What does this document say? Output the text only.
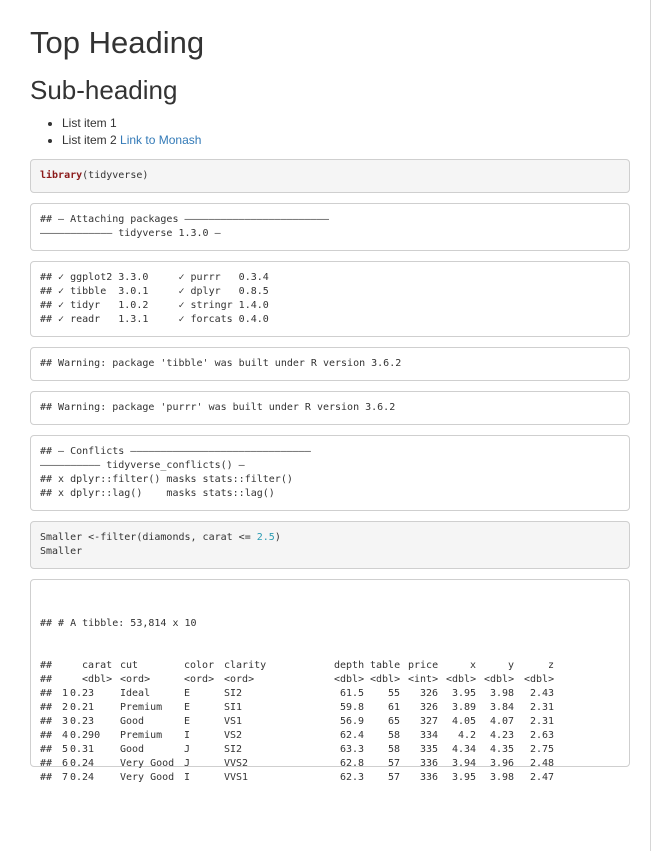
Top Heading
Sub-heading
• List item 1
• List item 2 Link to Monash
library(tidyverse)
## — Attaching packages ————————————————————————
———————————— tidyverse 1.3.0 —
## ✓ ggplot2 3.3.0     ✓ purrr   0.3.4
## ✓ tibble  3.0.1     ✓ dplyr   0.8.5
## ✓ tidyr   1.0.2     ✓ stringr 1.4.0
## ✓ readr   1.3.1     ✓ forcats 0.4.0
## Warning: package 'tibble' was built under R version 3.6.2
## Warning: package 'purrr' was built under R version 3.6.2
## — Conflicts ——————————————————————————————
—————————— tidyverse_conflicts() —
## x dplyr::filter() masks stats::filter()
## x dplyr::lag()    masks stats::lag()
Smaller <-filter(diamonds, carat <= 2.5)
Smaller

## # A tibble: 53,814 x 10

## carat cut	color clarity	depth table price	x	y	z
## <dbl> <ord>	<ord> <ord>	<dbl> <dbl> <int> <dbl> <dbl> <dbl>
## 1 0.23	Ideal	E	SI2	61.5 55 326 3.95 3.98 2.43
## 2 0.21	Premium E	SI1	59.8 61 326 3.89 3.84 2.31
## 3 0.23	Good	E	VS1	56.9 65 327 4.05 4.07 2.31
## 4 0.290 Premium I	VS2	62.4 58 334 4.2 4.23 2.63
## 5 0.31	Good	J	SI2	63.3 58 335 4.34 4.35 2.75
## 6 0.24	Very Good J	VVS2	62.8 57 336 3.94 3.96 2.48
## 7 0.24	Very Good I	VVS1	62.3 57 336 3.95 3.98 2.47
